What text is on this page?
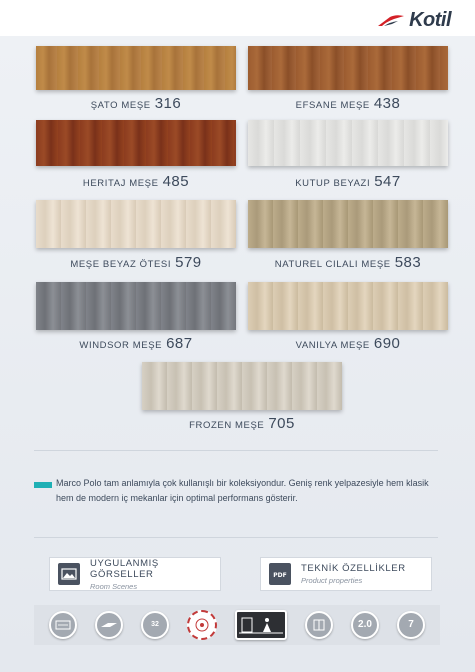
Kotil
ŞATO MEŞE 316	EFSANE MEŞE 438
HERITAJ MEŞE 485	KUTUP BEYAZI 547
MEŞE BEYAZ ÖTESI 579	NATUREL CILALI MEŞE 583
WINDSOR MEŞE 687	VANILYA MEŞE 690
FROZEN MEŞE 705
Marco Polo tam anlamıyla çok kullanışlı bir koleksiyondur. Geniş renk yelpazesiyle hem klasik hem de modern iç mekanlar için optimal performans gösterir.
UYGULANMIŞ GÖRSELLER
Room Scenes
PDF
TEKNİK ÖZELLİKLER
Product properties
32	2.0	7
